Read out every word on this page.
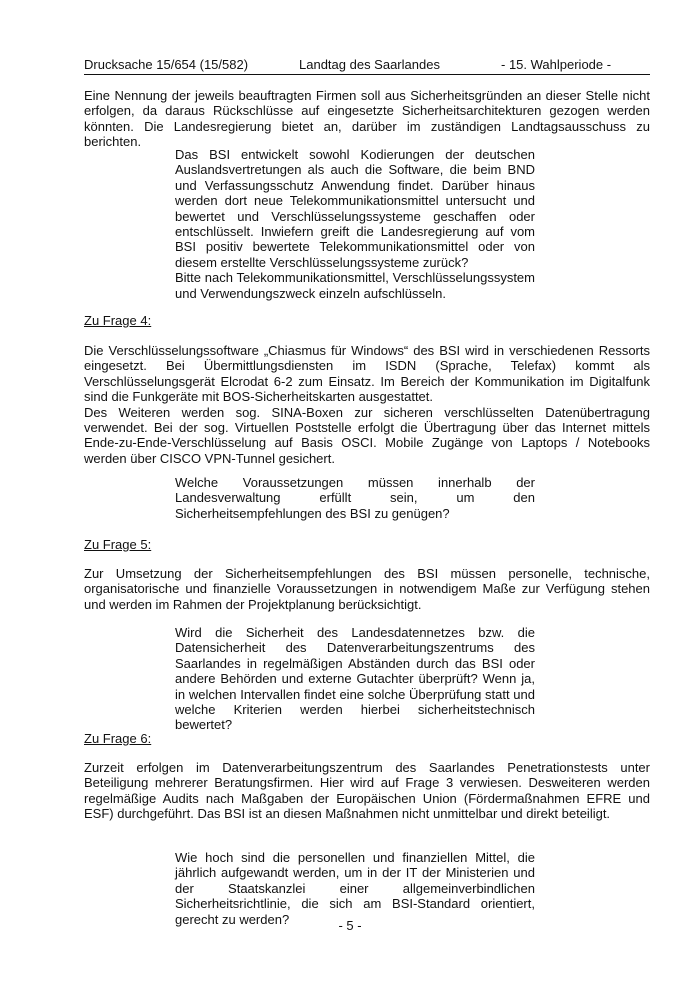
Drucksache 15/654 (15/582)	Landtag des Saarlandes	- 15. Wahlperiode -

Eine Nennung der jeweils beauftragten Firmen soll aus Sicherheitsgründen an dieser Stelle nicht erfolgen, da daraus Rückschlüsse auf eingesetzte Sicherheitsarchitekturen gezogen werden könnten. Die Landesregierung bietet an, darüber im zuständigen Landtagsausschuss zu berichten.

Das BSI entwickelt sowohl Kodierungen der deutschen Auslandsvertretungen als auch die Software, die beim BND und Verfassungsschutz Anwendung findet. Darüber hinaus werden dort neue Telekommunikationsmittel untersucht und bewertet und Verschlüsselungssysteme geschaffen oder entschlüsselt. Inwiefern greift die Landesregierung auf vom BSI positiv bewertete Telekommunikationsmittel oder von diesem erstellte Verschlüsselungssysteme zurück?

Bitte nach Telekommunikationsmittel, Verschlüsselungssystem und Verwendungszweck einzeln aufschlüsseln.

Zu Frage 4:

Die Verschlüsselungssoftware „Chiasmus für Windows“ des BSI wird in verschiedenen Ressorts eingesetzt. Bei Übermittlungsdiensten im ISDN (Sprache, Telefax) kommt als Verschlüsselungsgerät Elcrodat 6-2 zum Einsatz. Im Bereich der Kommunikation im Digitalfunk sind die Funkgeräte mit BOS-Sicherheitskarten ausgestattet.

Des Weiteren werden sog. SINA-Boxen zur sicheren verschlüsselten Datenübertragung verwendet. Bei der sog. Virtuellen Poststelle erfolgt die Übertragung über das Internet mittels Ende-zu-Ende-Verschlüsselung auf Basis OSCI. Mobile Zugänge von Laptops / Notebooks werden über CISCO VPN-Tunnel gesichert.

Welche Voraussetzungen müssen innerhalb der Landesverwaltung erfüllt sein, um den Sicherheitsempfehlungen des BSI zu genügen?

Zu Frage 5:

Zur Umsetzung der Sicherheitsempfehlungen des BSI müssen personelle, technische, organisatorische und finanzielle Voraussetzungen in notwendigem Maße zur Verfügung stehen und werden im Rahmen der Projektplanung berücksichtigt.

Wird die Sicherheit des Landesdatennetzes bzw. die Datensicherheit des Datenverarbeitungszentrums des Saarlandes in regelmäßigen Abständen durch das BSI oder andere Behörden und externe Gutachter überprüft? Wenn ja, in welchen Intervallen findet eine solche Überprüfung statt und welche Kriterien werden hierbei sicherheitstechnisch bewertet?

Zu Frage 6:

Zurzeit erfolgen im Datenverarbeitungszentrum des Saarlandes Penetrationstests unter Beteiligung mehrerer Beratungsfirmen. Hier wird auf Frage 3 verwiesen. Desweiteren werden regelmäßige Audits nach Maßgaben der Europäischen Union (Fördermaßnahmen EFRE und ESF) durchgeführt. Das BSI ist an diesen Maßnahmen nicht unmittelbar und direkt beteiligt.

Wie hoch sind die personellen und finanziellen Mittel, die jährlich aufgewandt werden, um in der IT der Ministerien und der Staatskanzlei einer allgemeinverbindlichen Sicherheitsrichtlinie, die sich am BSI-Standard orientiert, gerecht zu werden?	- 5 -
